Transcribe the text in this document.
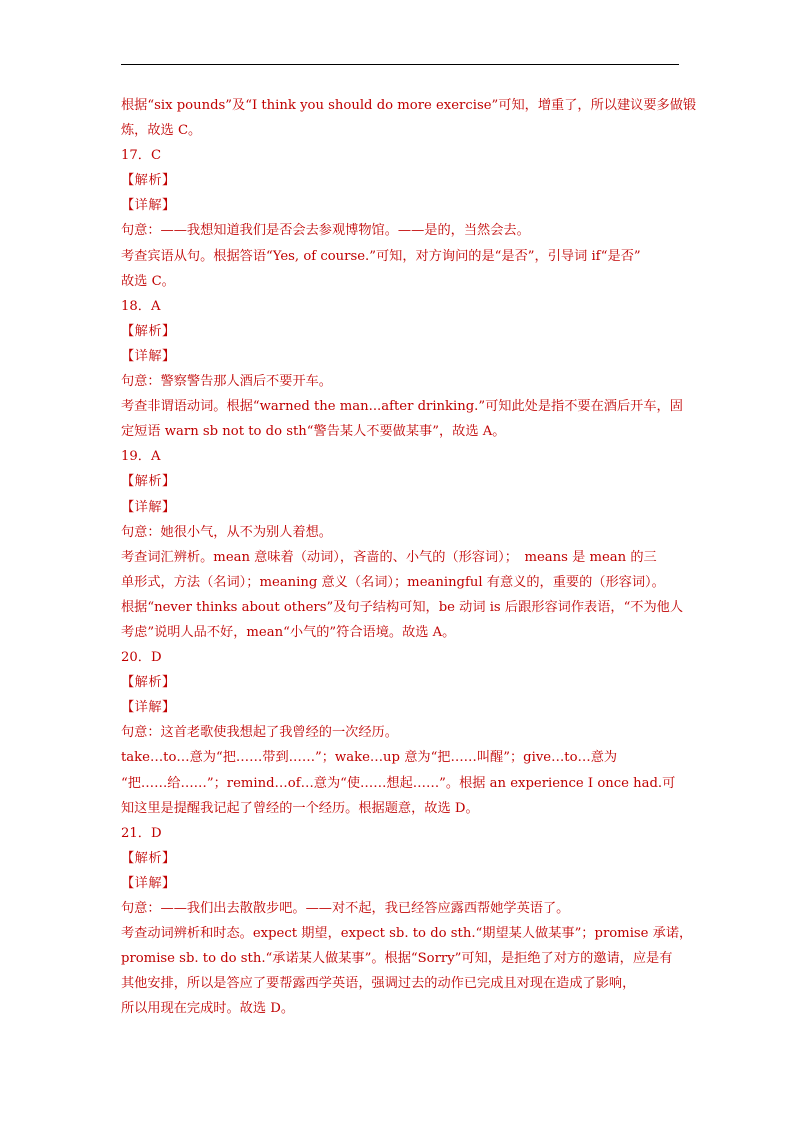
根据“six pounds”及“I think you should do more exercise”可知，增重了，所以建议要多做锻
炼，故选 C。
17．C
【解析】
【详解】
句意：——我想知道我们是否会去参观博物馆。——是的，当然会去。
考查宾语从句。根据答语“Yes, of course.”可知，对方询问的是“是否”，引导词 if“是否”
故选 C。
18．A
【解析】
【详解】
句意：警察警告那人酒后不要开车。
考查非谓语动词。根据“warned the man...after drinking.”可知此处是指不要在酒后开车，固
定短语 warn sb not to do sth“警告某人不要做某事”，故选 A。
19．A
【解析】
【详解】
句意：她很小气，从不为别人着想。
考查词汇辨析。mean 意味着（动词），吝啬的、小气的（形容词）；　means 是 mean 的三
单形式，方法（名词）；meaning 意义（名词）；meaningful 有意义的，重要的（形容词）。
根据“never thinks about others”及句子结构可知，be 动词 is 后跟形容词作表语，“不为他人
考虑”说明人品不好，mean“小气的”符合语境。故选 A。
20．D
【解析】
【详解】
句意：这首老歌使我想起了我曾经的一次经历。
take…to…意为“把……带到……”；wake…up 意为“把……叫醒”；give…to…意为
“把……给……”；remind…of…意为“使……想起……”。根据 an experience I once had.可
知这里是提醒我记起了曾经的一个经历。根据题意，故选 D。
21．D
【解析】
【详解】
句意：——我们出去散散步吧。——对不起，我已经答应露西帮她学英语了。
考查动词辨析和时态。expect 期望，expect sb. to do sth.“期望某人做某事”；promise 承诺，
promise sb. to do sth.“承诺某人做某事”。根据“Sorry”可知，是拒绝了对方的邀请，应是有
其他安排，所以是答应了要帮露西学英语，强调过去的动作已完成且对现在造成了影响，
所以用现在完成时。故选 D。
